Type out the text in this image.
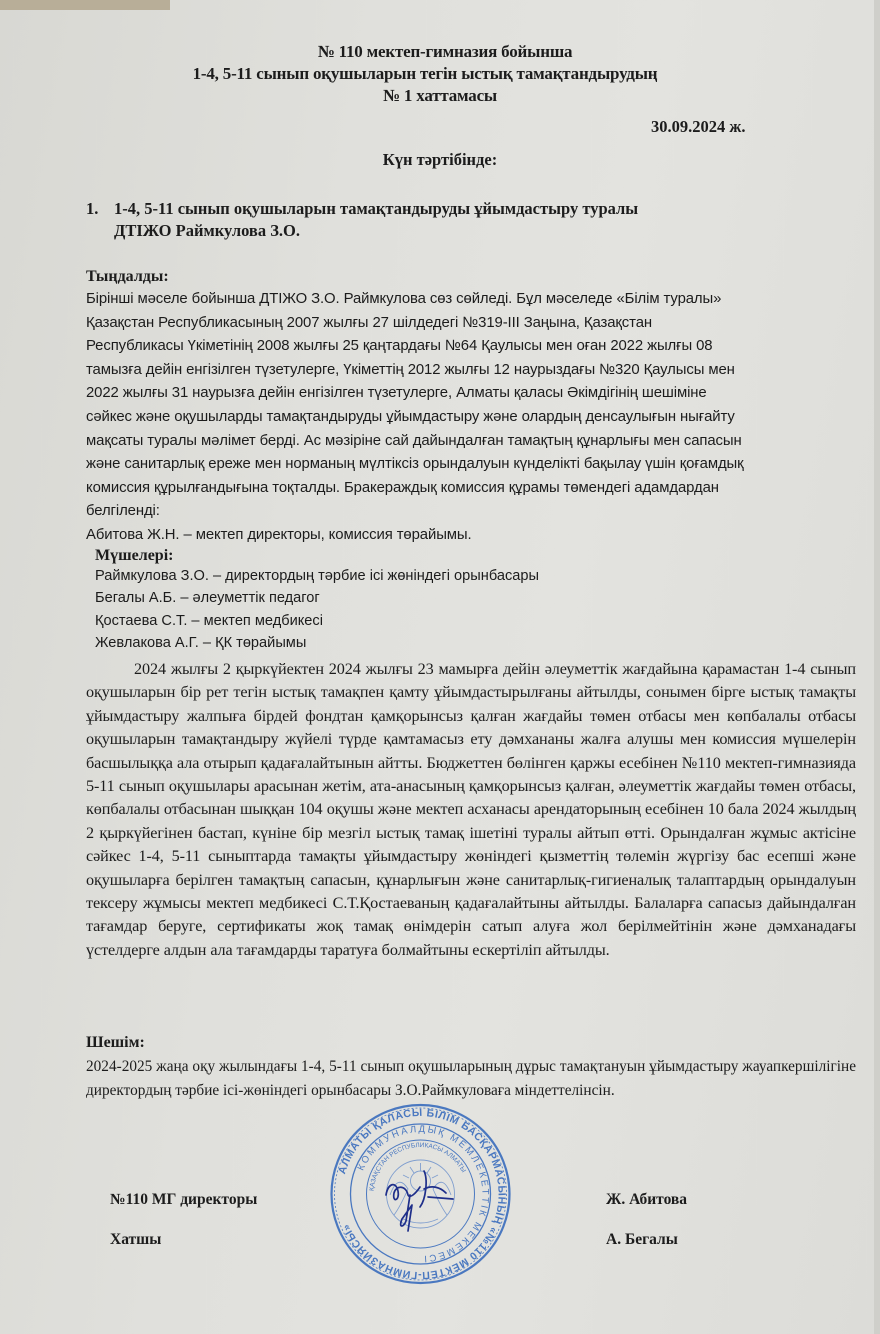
№ 110 мектеп-гимназия бойынша
1-4, 5-11 сынып оқушыларын тегін ыстық тамақтандырудың
№ 1 хаттамасы
30.09.2024 ж.
Күн тәртібінде:
1. 1-4, 5-11 сынып оқушыларын тамақтандыруды ұйымдастыру туралы
ДТІЖО Раймкулова З.О.
Тыңдалды:
Бірінші мәселе бойынша ДТІЖО З.О. Раймкулова сөз сөйледі. Бұл мәселеде «Білім туралы»
Қазақстан Республикасының 2007 жылғы 27 шілдедегі №319-ІІІ Заңына, Қазақстан
Республикасы Үкіметінің 2008 жылғы 25 қаңтардағы №64 Қаулысы мен оған 2022 жылғы 08
тамызға дейін енгізілген түзетулерге, Үкіметтің 2012 жылғы 12 наурыздағы №320 Қаулысы мен
2022 жылғы 31 наурызға дейін енгізілген түзетулерге, Алматы қаласы Әкімдігінің шешіміне
сәйкес және оқушыларды тамақтандыруды ұйымдастыру және олардың денсаулығын нығайту
мақсаты туралы мәлімет берді. Ас мәзіріне сай дайындалған тамақтың құнарлығы мен сапасын
және санитарлық ереже мен норманың мүлтіксіз орындалуын күнделікті бақылау үшін қоғамдық
комиссия құрылғандығына тоқталды. Бракераждық комиссия құрамы төмендегі адамдардан
белгіленді:
Абитова Ж.Н. – мектеп директоры, комиссия төрайымы.
Мүшелері:
Раймкулова З.О. – директордың тәрбие ісі жөніндегі орынбасары
Бегалы А.Б. – әлеуметтік педагог
Қостаева С.Т. – мектеп медбикесі
Жевлакова А.Г. – ҚК төрайымы
2024 жылғы 2 қыркүйектен 2024 жылғы 23 мамырға дейін әлеуметтік жағдайына қарамастан 1-4 сынып оқушыларын бір рет тегін ыстық тамақпен қамту ұйымдастырылғаны айтылды, сонымен бірге ыстық тамақты ұйымдастыру жалпыға бірдей фондтан қамқорынсыз қалған жағдайы төмен отбасы мен көпбалалы отбасы оқушыларын тамақтандыру жүйелі түрде қамтамасыз ету дәмхананы жалға алушы мен комиссия мүшелерін басшылыққа ала отырып қадағалайтынын айтты. Бюджеттен бөлінген қаржы есебінен №110 мектеп-гимназияда 5-11 сынып оқушылары арасынан жетім, ата-анасының қамқорынсыз қалған, әлеуметтік жағдайы төмен отбасы, көпбалалы отбасынан шыққан 104 оқушы және мектеп асханасы арендаторының есебінен 10 бала 2024 жылдың 2 қыркүйегінен бастап, күніне бір мезгіл ыстық тамақ ішетіні туралы айтып өтті. Орындалған жұмыс актісіне сәйкес 1-4, 5-11 сыныптарда тамақты ұйымдастыру жөніндегі қызметтің төлемін жүргізу бас есепші және оқушыларға берілген тамақтың сапасын, құнарлығын және санитарлық-гигиеналық талаптардың орындалуын тексеру жұмысы мектеп медбикесі С.Т.Қостаеваның қадағалайтыны айтылды. Балаларға сапасыз дайындалған тағамдар беруге, сертификаты жоқ тамақ өнімдерін сатып алуға жол берілмейтінін және дәмханадағы үстелдерге алдын ала тағамдарды таратуға болмайтыны ескертіліп айтылды.
Шешім:
2024-2025 жаңа оқу жылындағы 1-4, 5-11 сынып оқушыларының дұрыс тамақтануын ұйымдастыру жауапкершілігіне директордың тәрбие ісі-жөніндегі орынбасары З.О.Раймкуловаға міндеттелінсін.
№110 МГ директоры
Хатшы
Ж. Абитова
А. Бегалы
АЛМАТЫ ҚАЛАСЫ БІЛІМ БАСҚАРМАСЫНЫҢ «№110 МЕКТЕП-ГИМНАЗИЯСЫ»
КОММУНАЛДЫҚ МЕМЛЕКЕТТІК МЕКЕМЕСІ
ҚАЗАҚСТАН РЕСПУБЛИКАСЫ АЛМАТЫ
